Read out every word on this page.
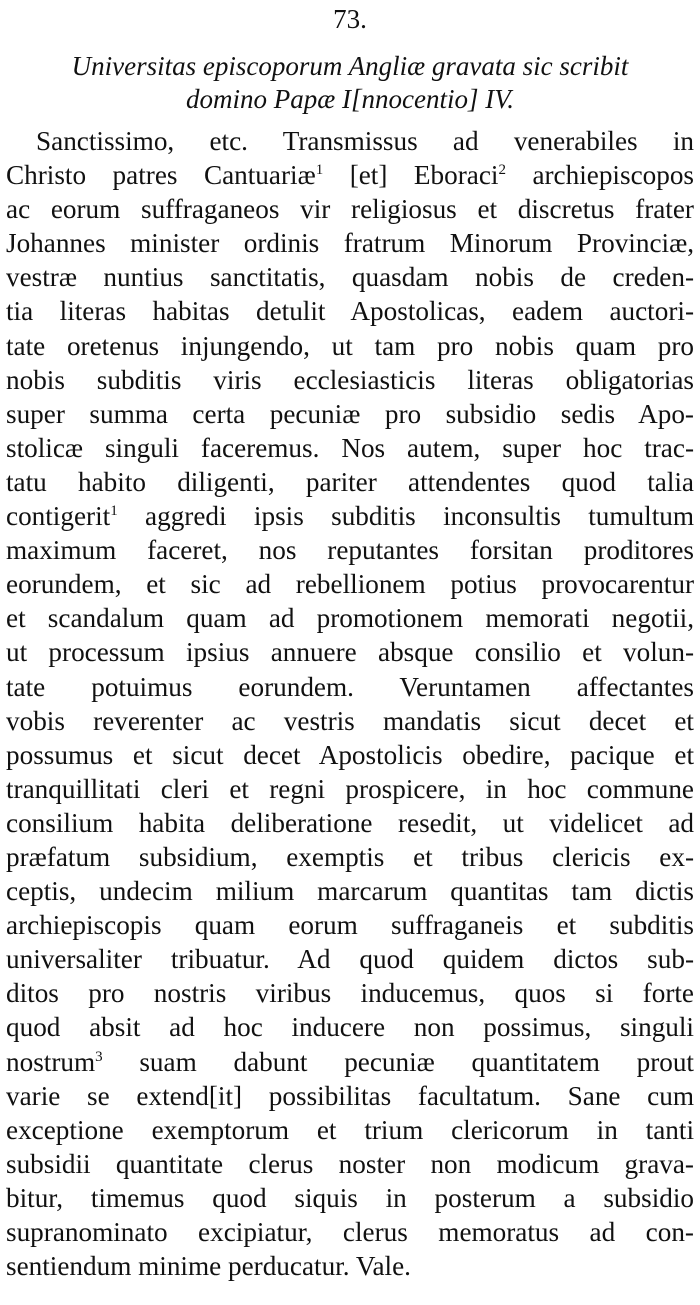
73.
Universitas episcoporum Angliæ gravata sic scribit
domino Papæ I[nnocentio] IV.
Sanctissimo, etc. Transmissus ad venerabiles in
Christo patres Cantuariæ$^1$ [et] Eboraci$^2$ archiepiscopos
ac eorum suffraganeos vir religiosus et discretus frater
Johannes minister ordinis fratrum Minorum Provinciæ,
vestræ nuntius sanctitatis, quasdam nobis de creden-
tia literas habitas detulit Apostolicas, eadem auctori-
tate oretenus injungendo, ut tam pro nobis quam pro
nobis subditis viris ecclesiasticis literas obligatorias
super summa certa pecuniæ pro subsidio sedis Apo-
stolicæ singuli faceremus. Nos autem, super hoc trac-
tatu habito diligenti, pariter attendentes quod talia
contigerit$^1$ aggredi ipsis subditis inconsultis tumultum
maximum faceret, nos reputantes forsitan proditores
eorundem, et sic ad rebellionem potius provocarentur
et scandalum quam ad promotionem memorati negotii,
ut processum ipsius annuere absque consilio et volun-
tate potuimus eorundem. Veruntamen affectantes
vobis reverenter ac vestris mandatis sicut decet et
possumus et sicut decet Apostolicis obedire, pacique et
tranquillitati cleri et regni prospicere, in hoc commune
consilium habita deliberatione resedit, ut videlicet ad
præfatum subsidium, exemptis et tribus clericis ex-
ceptis, undecim milium marcarum quantitas tam dictis
archiepiscopis quam eorum suffraganeis et subditis
universaliter tribuatur. Ad quod quidem dictos sub-
ditos pro nostris viribus inducemus, quos si forte
quod absit ad hoc inducere non possimus, singuli
nostrum$^3$ suam dabunt pecuniæ quantitatem prout
varie se extend[it] possibilitas facultatum. Sane cum
exceptione exemptorum et trium clericorum in tanti
subsidii quantitate clerus noster non modicum grava-
bitur, timemus quod siquis in posterum a subsidio
supranominato excipiatur, clerus memoratus ad con-
sentiendum minime perducatur. Vale.
